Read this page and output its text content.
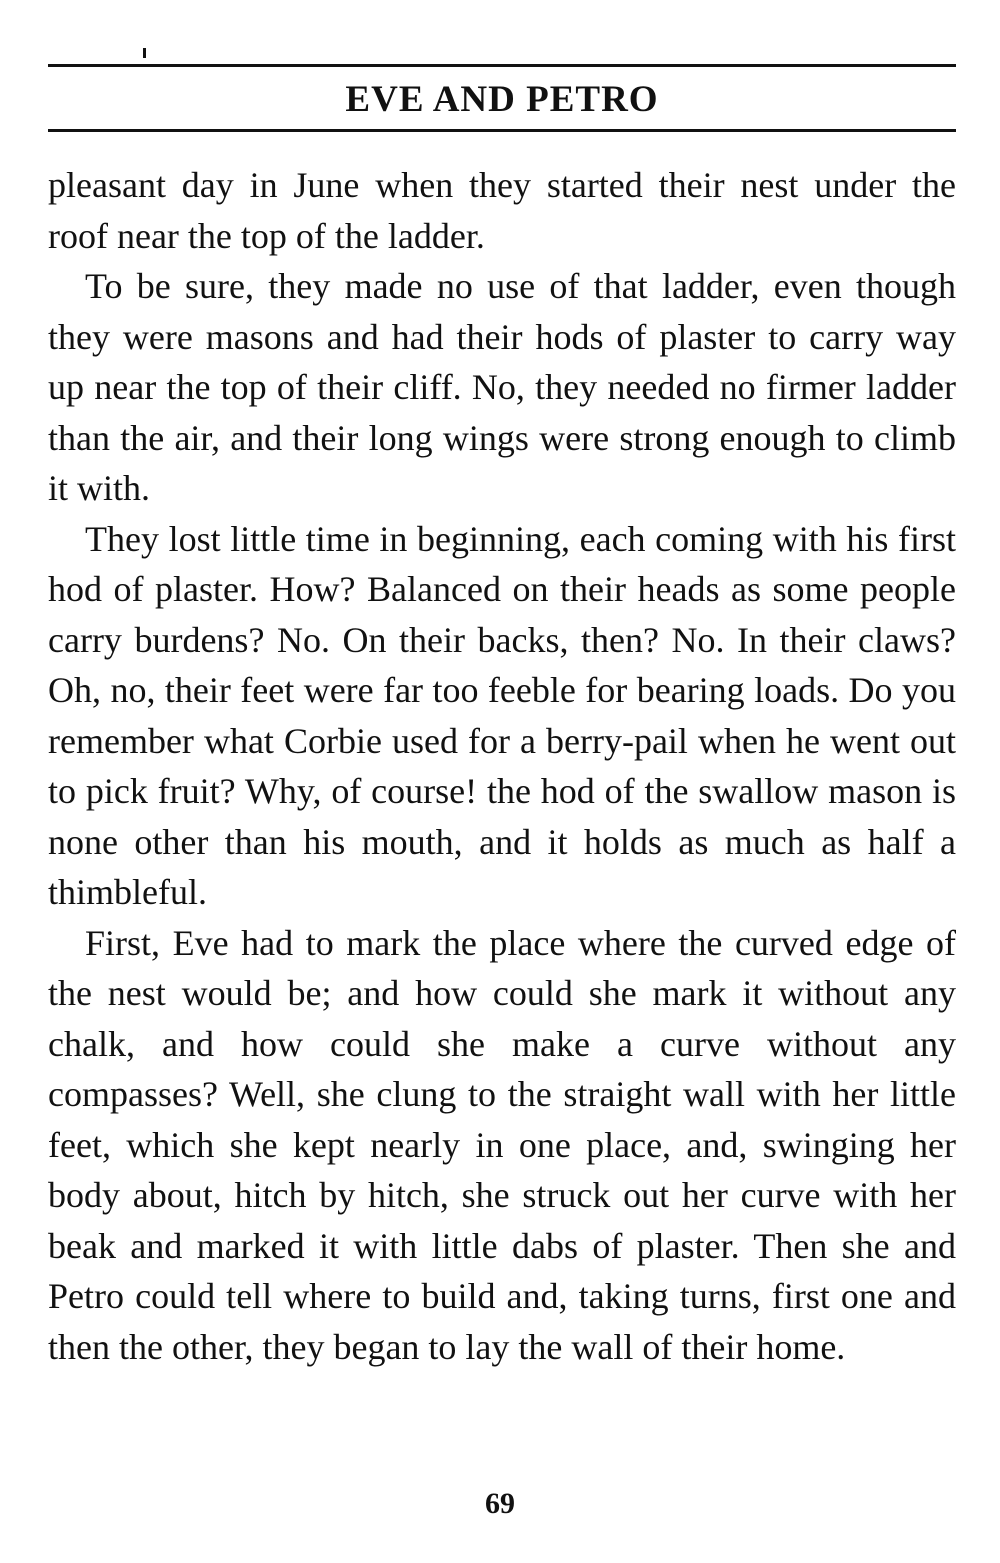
EVE AND PETRO

pleasant day in June when they started their nest under the roof near the top of the ladder.

To be sure, they made no use of that ladder, even though they were masons and had their hods of plaster to carry way up near the top of their cliff. No, they needed no firmer ladder than the air, and their long wings were strong enough to climb it with.

They lost little time in beginning, each coming with his first hod of plaster. How? Balanced on their heads as some people carry burdens? No. On their backs, then? No. In their claws? Oh, no, their feet were far too feeble for bearing loads. Do you remember what Corbie used for a berry-pail when he went out to pick fruit? Why, of course! the hod of the swallow mason is none other than his mouth, and it holds as much as half a thimbleful.

First, Eve had to mark the place where the curved edge of the nest would be; and how could she mark it without any chalk, and how could she make a curve without any compasses? Well, she clung to the straight wall with her little feet, which she kept nearly in one place, and, swinging her body about, hitch by hitch, she struck out her curve with her beak and marked it with little dabs of plaster. Then she and Petro could tell where to build and, taking turns, first one and then the other, they began to lay the wall of their home.

69
